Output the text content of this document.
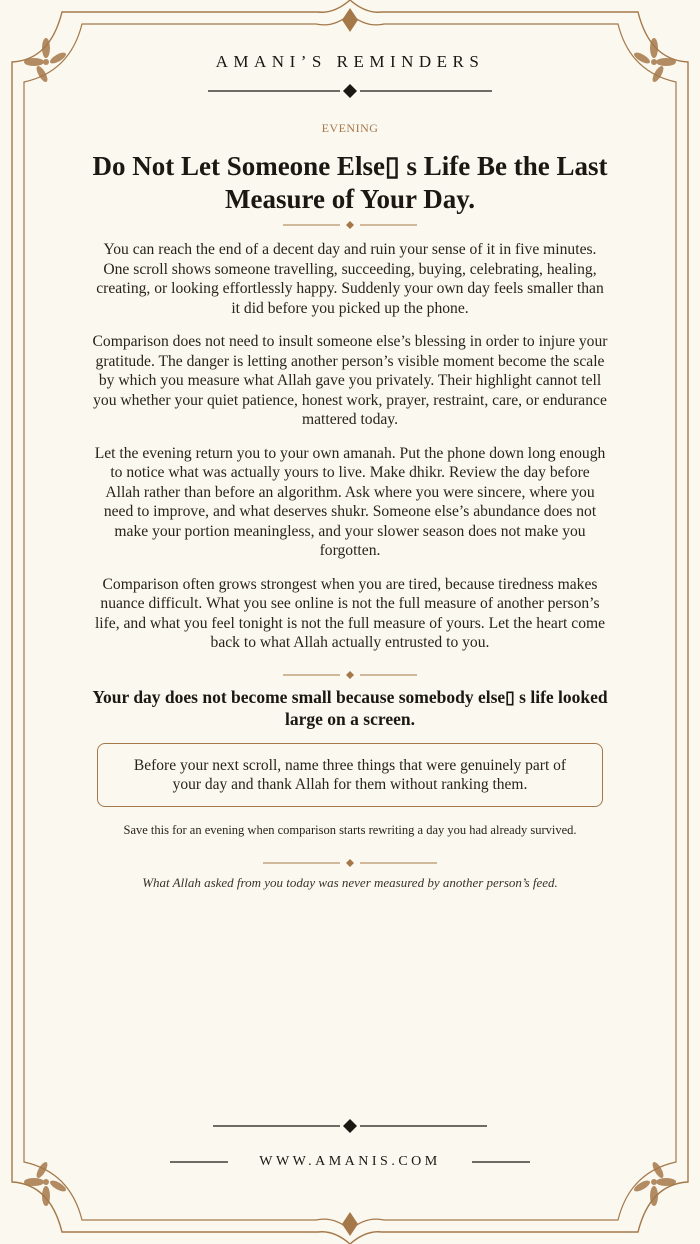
AMANI’S REMINDERS
EVENING
Do Not Let Someone Else▯ s Life Be the Last Measure of Your Day.

You can reach the end of a decent day and ruin your sense of it in five minutes. One scroll shows someone travelling, succeeding, buying, celebrating, healing, creating, or looking effortlessly happy. Suddenly your own day feels smaller than it did before you picked up the phone.

Comparison does not need to insult someone else’s blessing in order to injure your gratitude. The danger is letting another person’s visible moment become the scale by which you measure what Allah gave you privately. Their highlight cannot tell you whether your quiet patience, honest work, prayer, restraint, care, or endurance mattered today.

Let the evening return you to your own amanah. Put the phone down long enough to notice what was actually yours to live. Make dhikr. Review the day before Allah rather than before an algorithm. Ask where you were sincere, where you need to improve, and what deserves shukr. Someone else’s abundance does not make your portion meaningless, and your slower season does not make you forgotten.

Comparison often grows strongest when you are tired, because tiredness makes nuance difficult. What you see online is not the full measure of another person’s life, and what you feel tonight is not the full measure of yours. Let the heart come back to what Allah actually entrusted to you.

Your day does not become small because somebody else▯ s life looked large on a screen.
Before your next scroll, name three things that were genuinely part of your day and thank Allah for them without ranking them.
Save this for an evening when comparison starts rewriting a day you had already survived.
What Allah asked from you today was never measured by another person’s feed.
WWW.AMANIS.COM
